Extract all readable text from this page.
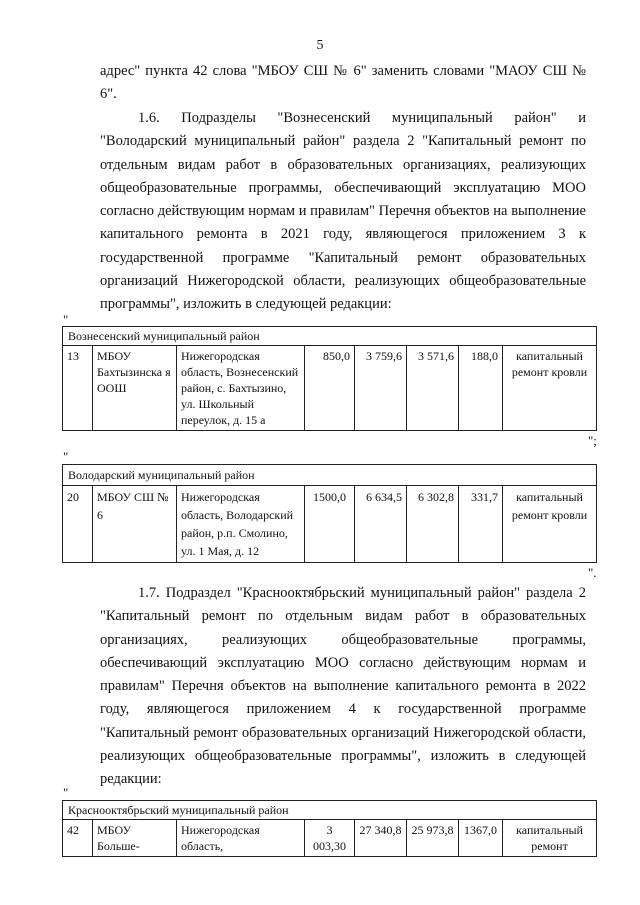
5

адрес" пункта 42 слова "МБОУ СШ № 6" заменить словами "МАОУ СШ № 6".

1.6. Подразделы "Вознесенский муниципальный район" и "Володарский муниципальный район" раздела 2 "Капитальный ремонт по отдельным видам работ в образовательных организациях, реализующих общеобразовательные программы, обеспечивающий эксплуатацию МОО согласно действующим нормам и правилам" Перечня объектов на выполнение капитального ремонта в 2021 году, являющегося приложением 3 к государственной программе "Капитальный ремонт образовательных организаций Нижегородской области, реализующих общеобразовательные программы", изложить в следующей редакции:

"
Вознесенский муниципальный район
13	МБОУ Бахтызинска я ООШ	Нижегородская область, Вознесенский район, с. Бахтызино, ул. Школьный переулок, д. 15 а	850,0	3 759,6	3 571,6	188,0	капитальный ремонт кровли
";
"
Володарский муниципальный район
20	МБОУ СШ № 6	Нижегородская область, Володарский район, р.п. Смолино, ул. 1 Мая, д. 12	1500,0	6 634,5	6 302,8	331,7	капитальный ремонт кровли
".

1.7. Подраздел "Краснооктябрьский муниципальный район" раздела 2 "Капитальный ремонт по отдельным видам работ в образовательных организациях, реализующих общеобразовательные программы, обеспечивающий эксплуатацию МОО согласно действующим нормам и правилам" Перечня объектов на выполнение капитального ремонта в 2022 году, являющегося приложением 4 к государственной программе "Капитальный ремонт образовательных организаций Нижегородской области, реализующих общеобразовательные программы", изложить в следующей редакции:

"
Краснооктябрьский муниципальный район
42	МБОУ Больше-	Нижегородская область,	3 003,30	27 340,8	25 973,8	1367,0	капитальный ремонт
